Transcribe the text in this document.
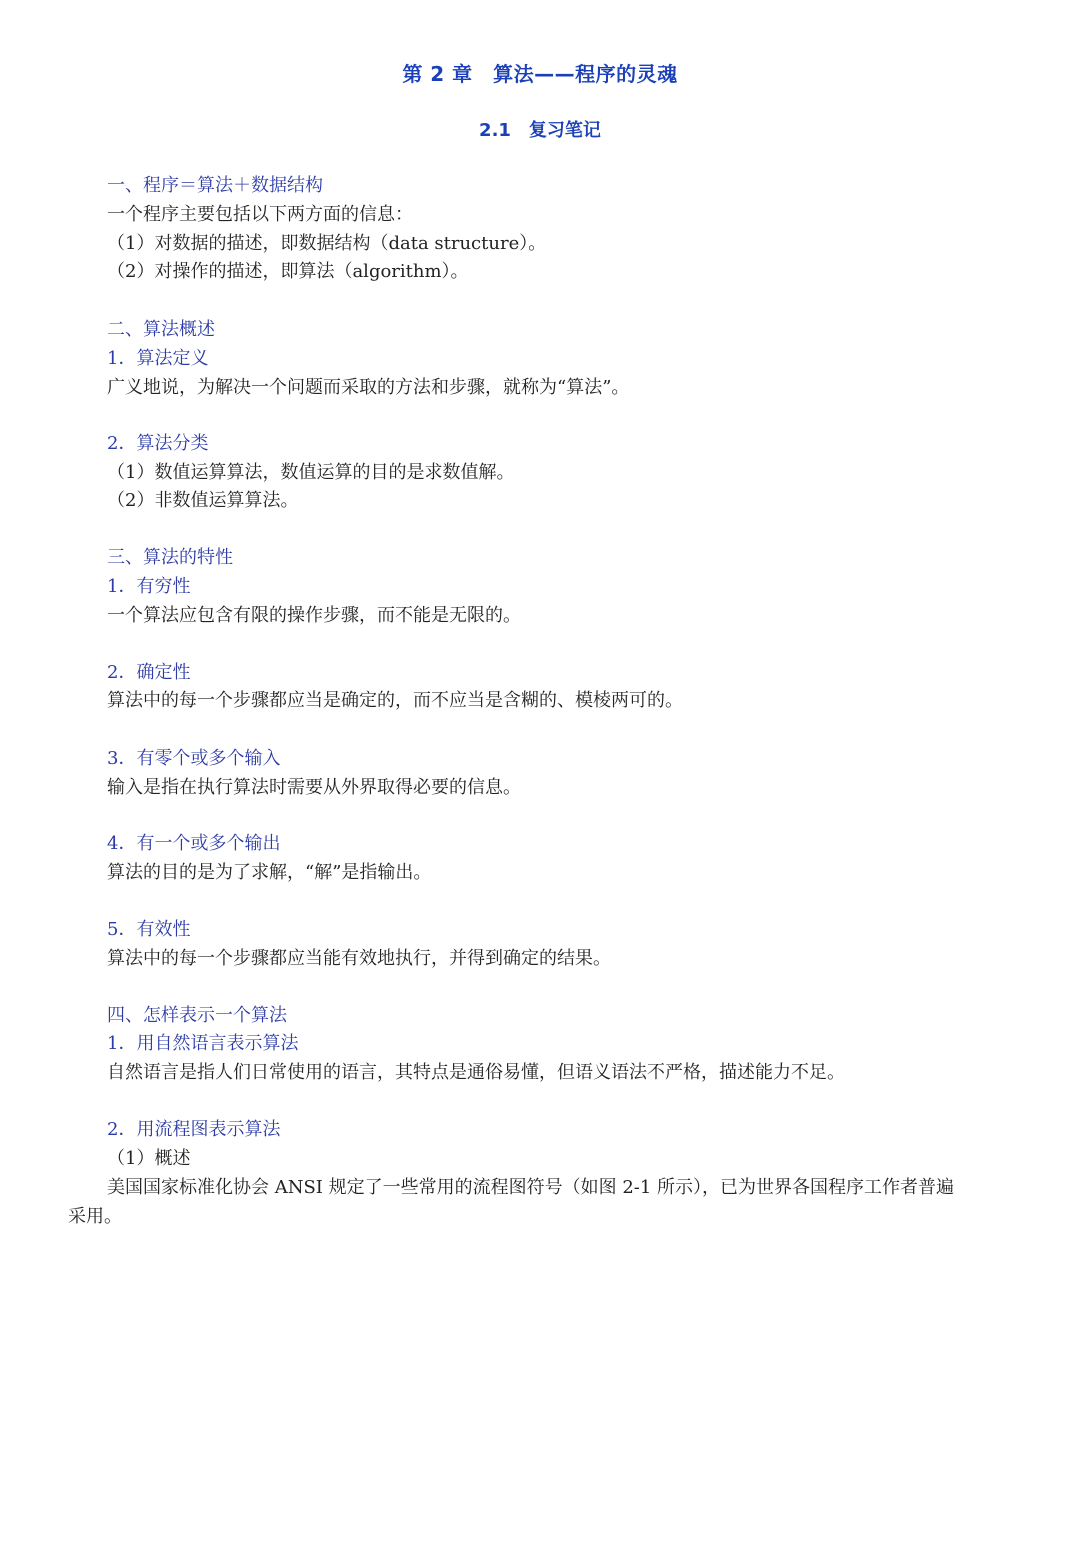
第 2 章　算法——程序的灵魂
2.1　复习笔记
一、程序＝算法＋数据结构
一个程序主要包括以下两方面的信息：
（1）对数据的描述，即数据结构（data structure）。
（2）对操作的描述，即算法（algorithm）。
二、算法概述
1．算法定义
广义地说，为解决一个问题而采取的方法和步骤，就称为“算法”。
2．算法分类
（1）数值运算算法，数值运算的目的是求数值解。
（2）非数值运算算法。
三、算法的特性
1．有穷性
一个算法应包含有限的操作步骤，而不能是无限的。
2．确定性
算法中的每一个步骤都应当是确定的，而不应当是含糊的、模棱两可的。
3．有零个或多个输入
输入是指在执行算法时需要从外界取得必要的信息。
4．有一个或多个输出
算法的目的是为了求解，“解”是指输出。
5．有效性
算法中的每一个步骤都应当能有效地执行，并得到确定的结果。
四、怎样表示一个算法
1．用自然语言表示算法
自然语言是指人们日常使用的语言，其特点是通俗易懂，但语义语法不严格，描述能力不足。
2．用流程图表示算法
（1）概述
美国国家标准化协会 ANSI 规定了一些常用的流程图符号（如图 2-1 所示），已为世界各国程序工作者普遍
采用。
